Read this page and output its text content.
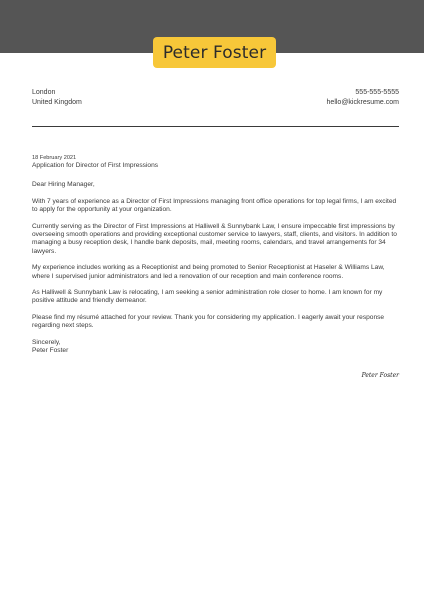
Peter Foster
London
United Kingdom
555-555-5555
hello@kickresume.com
18 February 2021
Application for Director of First Impressions

Dear Hiring Manager,

With 7 years of experience as a Director of First Impressions managing front office operations for top legal firms, I am excited to apply for the opportunity at your organization.

Currently serving as the Director of First Impressions at Halliwell & Sunnybank Law, I ensure impeccable first impressions by overseeing smooth operations and providing exceptional customer service to lawyers, staff, clients, and visitors. In addition to managing a busy reception desk, I handle bank deposits, mail, meeting rooms, calendars, and travel arrangements for 34 lawyers.

My experience includes working as a Receptionist and being promoted to Senior Receptionist at Haseler & Williams Law, where I supervised junior administrators and led a renovation of our reception and main conference rooms.

As Halliwell & Sunnybank Law is relocating, I am seeking a senior administration role closer to home. I am known for my positive attitude and friendly demeanor.

Please find my résumé attached for your review. Thank you for considering my application. I eagerly await your response regarding next steps.

Sincerely,
Peter Foster
Peter Foster
